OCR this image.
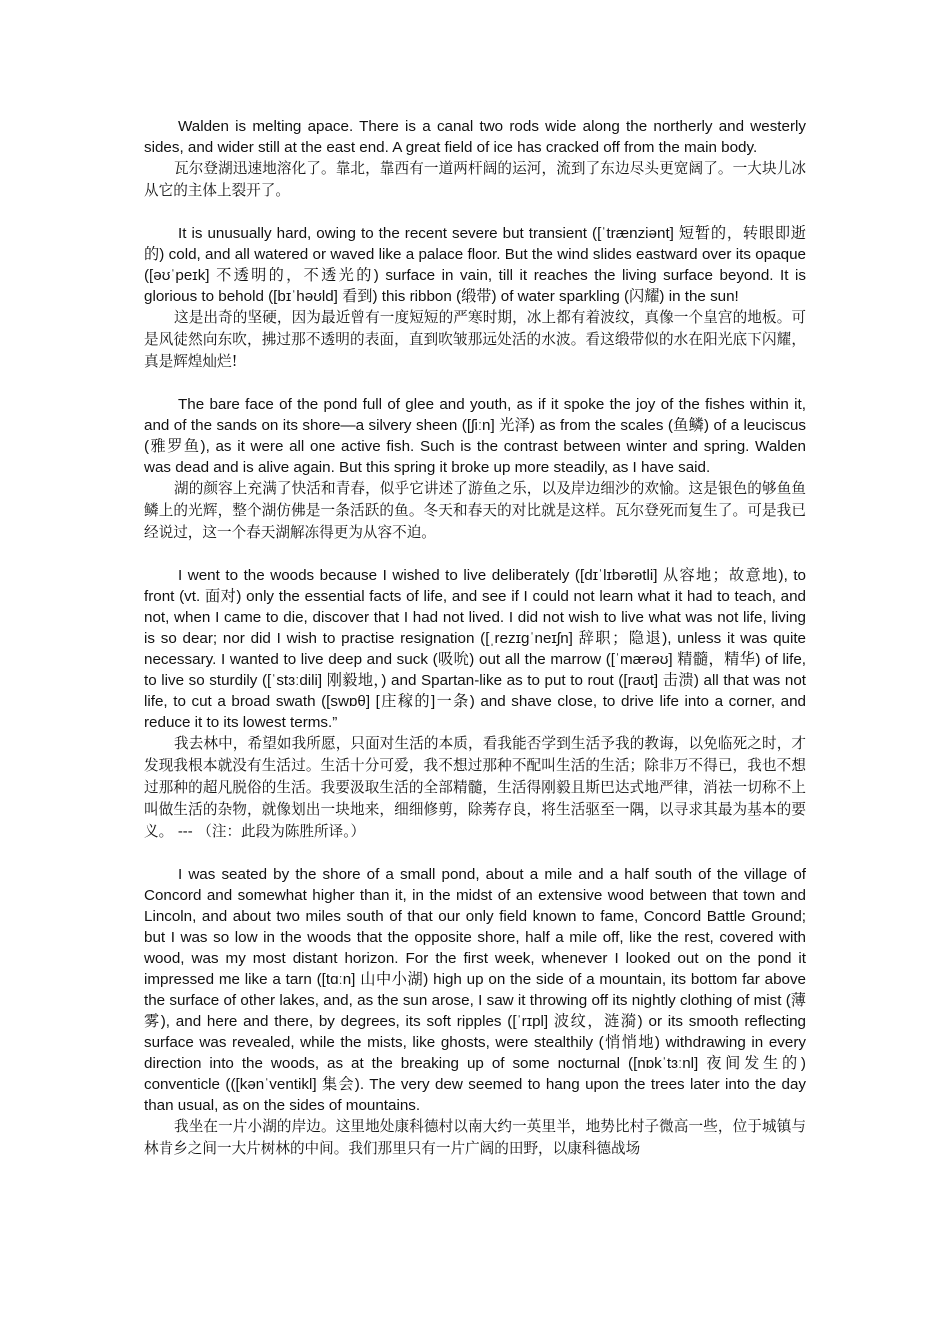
Walden is melting apace. There is a canal two rods wide along the northerly and westerly sides, and wider still at the east end. A great field of ice has cracked off from the main body.

瓦尔登湖迅速地溶化了。靠北，靠西有一道两杆阔的运河，流到了东边尽头更宽阔了。一大块儿冰从它的主体上裂开了。

It is unusually hard, owing to the recent severe but transient ([ˈtrænziənt] 短暂的，转眼即逝的) cold, and all watered or waved like a palace floor. But the wind slides eastward over its opaque ([əʊˈpeɪk] 不透明的，不透光的) surface in vain, till it reaches the living surface beyond. It is glorious to behold ([bɪˈhəʊld] 看到) this ribbon (缎带) of water sparkling (闪耀) in the sun!

这是出奇的坚硬，因为最近曾有一度短短的严寒时期，冰上都有着波纹，真像一个皇宫的地板。可是风徒然向东吹，拂过那不透明的表面，直到吹皱那远处活的水波。看这缎带似的水在阳光底下闪耀，真是辉煌灿烂!

The bare face of the pond full of glee and youth, as if it spoke the joy of the fishes within it, and of the sands on its shore—a silvery sheen ([ʃiːn] 光泽) as from the scales (鱼鳞) of a leuciscus (雅罗鱼), as it were all one active fish. Such is the contrast between winter and spring. Walden was dead and is alive again. But this spring it broke up more steadily, as I have said.

湖的颜容上充满了快活和青春，似乎它讲述了游鱼之乐，以及岸边细沙的欢愉。这是银色的够鱼鱼鳞上的光辉，整个湖仿佛是一条活跃的鱼。冬天和春天的对比就是这样。瓦尔登死而复生了。可是我已经说过，这一个春天湖解冻得更为从容不迫。

I went to the woods because I wished to live deliberately ([dɪˈlɪbərətli] 从容地；故意地), to front (vt. 面对) only the essential facts of life, and see if I could not learn what it had to teach, and not, when I came to die, discover that I had not lived. I did not wish to live what was not life, living is so dear; nor did I wish to practise resignation ([ˌrezɪgˈneɪʃn] 辞职；隐退), unless it was quite necessary. I wanted to live deep and suck (吸吮) out all the marrow ([ˈmærəʊ] 精髓，精华) of life, to live so sturdily ([ˈstɜːdili] 刚毅地，) and Spartan-like as to put to rout ([raʊt] 击溃) all that was not life, to cut a broad swath ([swɒθ] [庄稼的]一条) and shave close, to drive life into a corner, and reduce it to its lowest terms.”

我去林中，希望如我所愿，只面对生活的本质，看我能否学到生活予我的教诲，以免临死之时，才发现我根本就没有生活过。生活十分可爱，我不想过那种不配叫生活的生活；除非万不得已，我也不想过那种的超凡脱俗的生活。我要汲取生活的全部精髓，生活得刚毅且斯巴达式地严律，消祛一切称不上叫做生活的杂物，就像划出一块地来，细细修剪，除莠存良，将生活驱至一隅，以寻求其最为基本的要义。 --- （注：此段为陈胜所译。）

I was seated by the shore of a small pond, about a mile and a half south of the village of Concord and somewhat higher than it, in the midst of an extensive wood between that town and Lincoln, and about two miles south of that our only field known to fame, Concord Battle Ground; but I was so low in the woods that the opposite shore, half a mile off, like the rest, covered with wood, was my most distant horizon. For the first week, whenever I looked out on the pond it impressed me like a tarn ([tɑːn] 山中小湖) high up on the side of a mountain, its bottom far above the surface of other lakes, and, as the sun arose, I saw it throwing off its nightly clothing of mist (薄雾), and here and there, by degrees, its soft ripples ([ˈrɪpl] 波纹，涟漪) or its smooth reflecting surface was revealed, while the mists, like ghosts, were stealthily (悄悄地) withdrawing in every direction into the woods, as at the breaking up of some nocturnal ([nɒkˈtɜːnl] 夜间发生的) conventicle (([kənˈventikl] 集会). The very dew seemed to hang upon the trees later into the day than usual, as on the sides of mountains.

我坐在一片小湖的岸边。这里地处康科德村以南大约一英里半，地势比村子微高一些，位于城镇与林肯乡之间一大片树林的中间。我们那里只有一片广阔的田野，以康科德战场
